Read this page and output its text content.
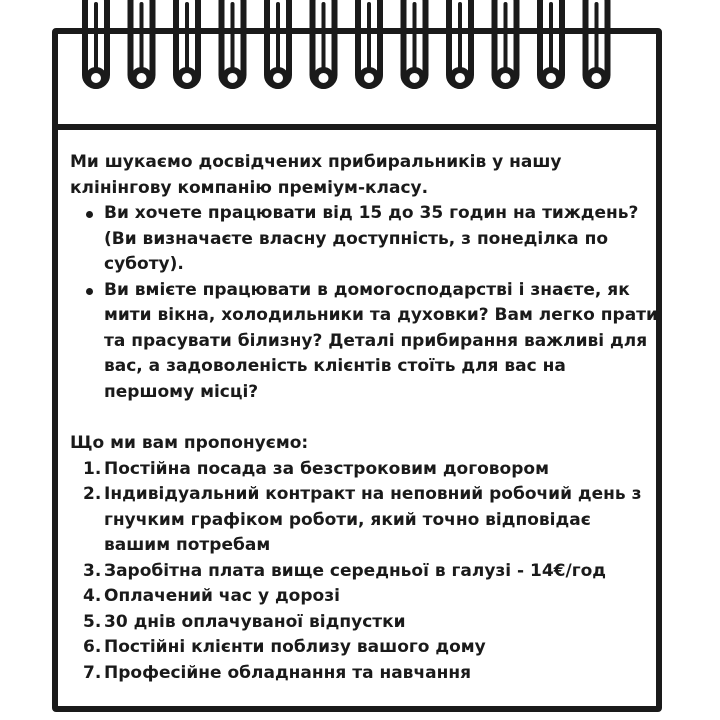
Ми шукаємо досвідчених прибиральників у нашу клінінгову компанію преміум-класу.

Ви хочете працювати від 15 до 35 годин на тиждень? (Ви визначаєте власну доступність, з понеділка по суботу).
Ви вмієте працювати в домогосподарстві і знаєте, як мити вікна, холодильники та духовки? Вам легко прати та прасувати білизну? Деталі прибирання важливі для вас, а задоволеність клієнтів стоїть для вас на першому місці?

Що ми вам пропонуємо:

1. Постійна посада за безстроковим договором
2. Індивідуальний контракт на неповний робочий день з гнучким графіком роботи, який точно відповідає вашим потребам
3. Заробітна плата вище середньої в галузі - 14€/год
4. Оплачений час у дорозі
5. 30 днів оплачуваної відпустки
6. Постійні клієнти поблизу вашого дому
7. Професійне обладнання та навчання
